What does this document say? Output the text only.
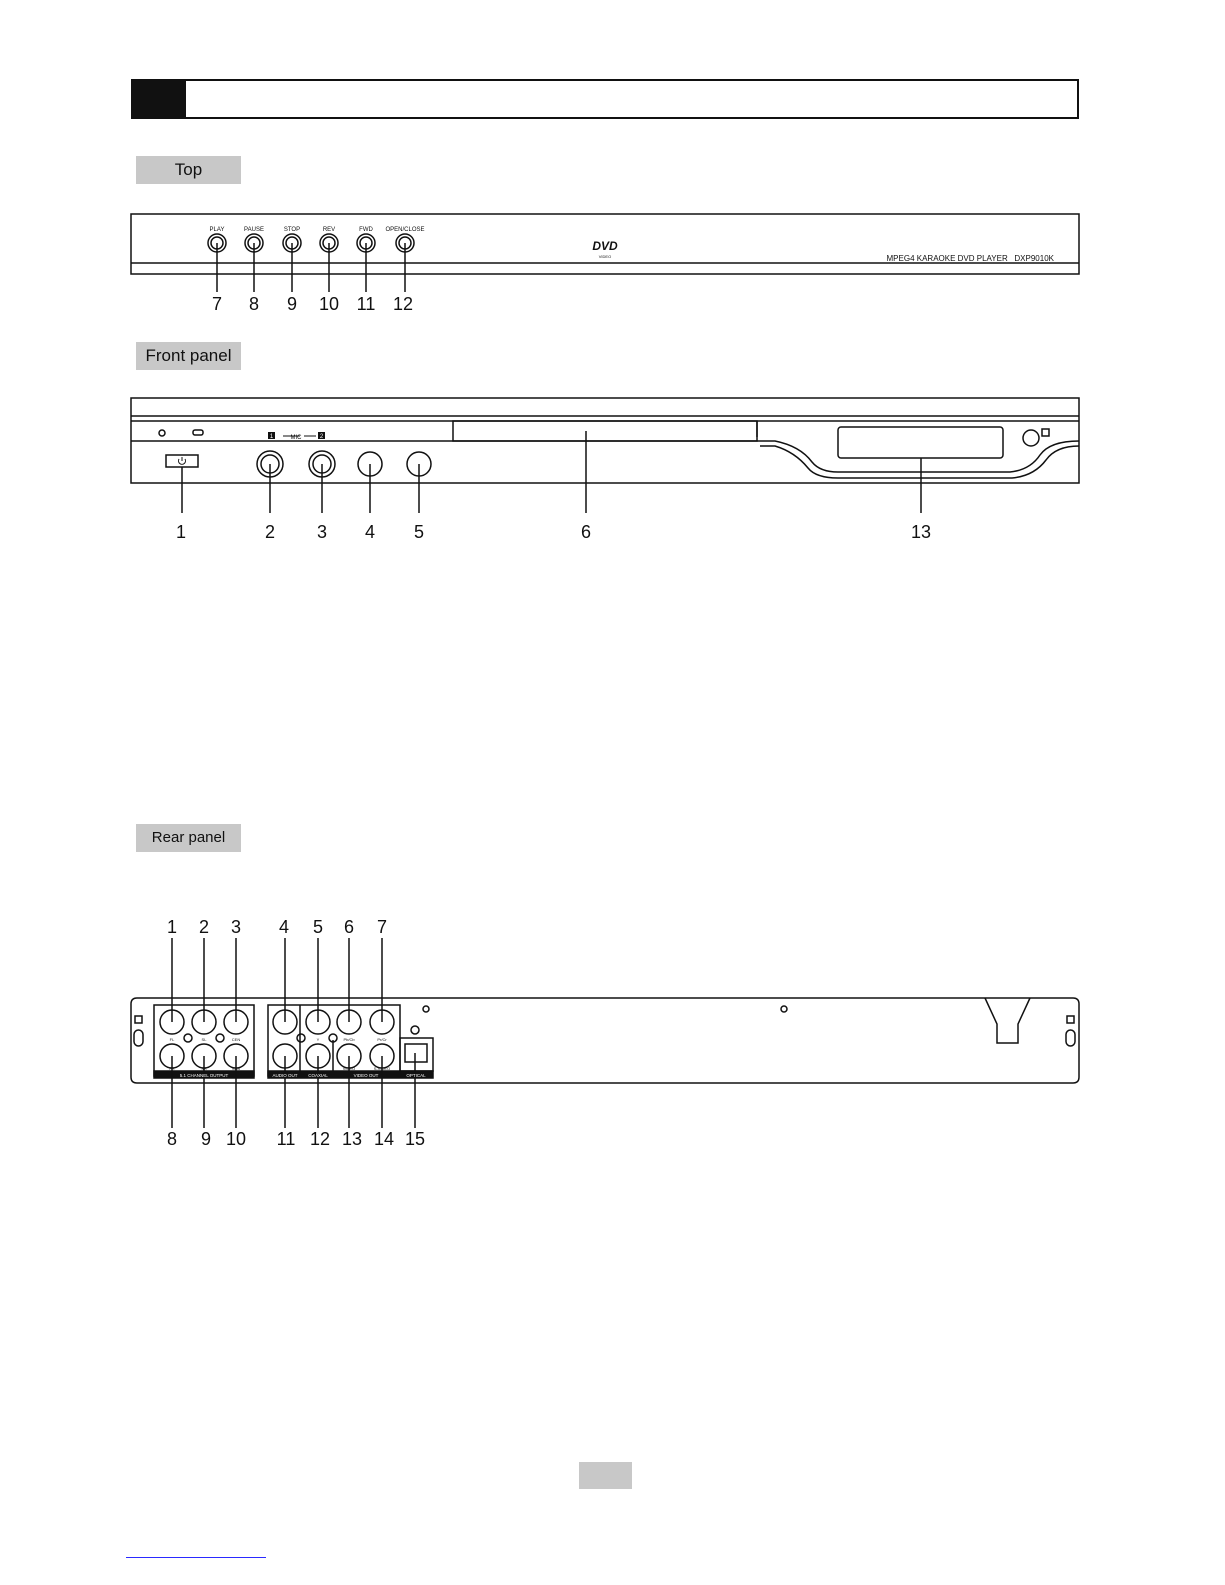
Top
Front panel
Rear panel
PLAY	PAUSE	STOP	REV	FWD OPEN/CLOSE
DVD
VIDEO	MPEG4 KARAOKE DVD PLAYER   DXP9010K
7 8 9 10 11 12
1	2
MIC
1	2 3 4 5	6	13
1 2 3 4 5 6 7
8 9 10 11 12 13 14 15
FL	SL	CEN
FR	SR	SUB
Y	Pb/Cb	Pr/Cr
VIDEO	S-VIDEO
5.1 CHANNEL OUTPUT	AUDIO OUT COAXIAL	VIDEO OUT	OPTICAL
